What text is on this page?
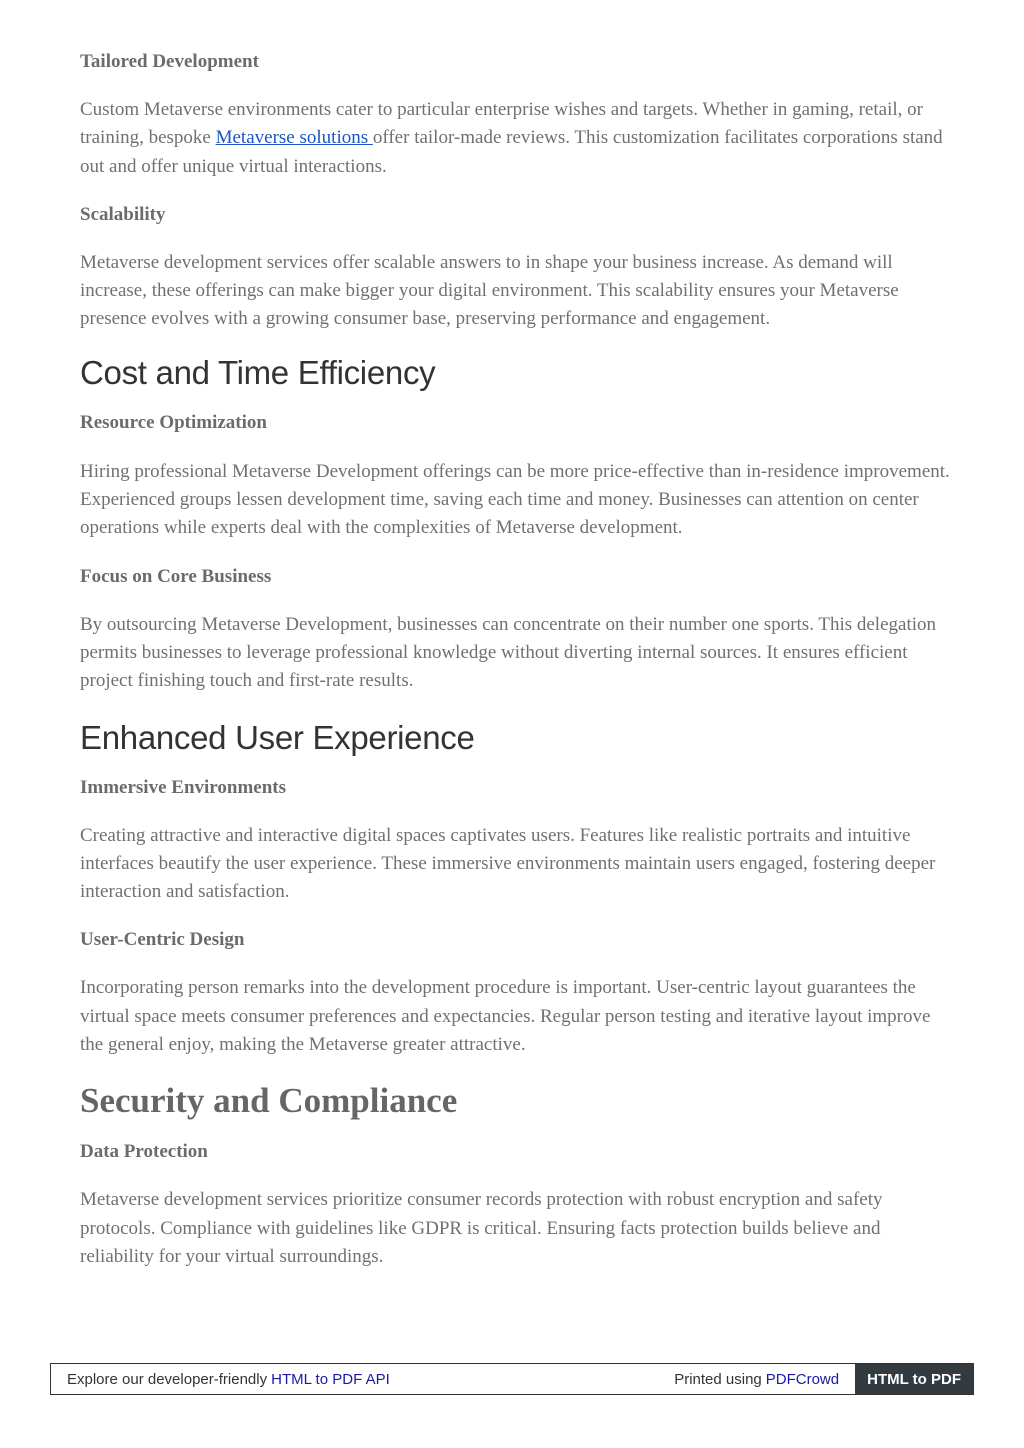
Tailored Development

Custom Metaverse environments cater to particular enterprise wishes and targets. Whether in gaming, retail, or training, bespoke Metaverse solutions offer tailor-made reviews. This customization facilitates corporations stand out and offer unique virtual interactions.

Scalability

Metaverse development services offer scalable answers to in shape your business increase. As demand will increase, these offerings can make bigger your digital environment. This scalability ensures your Metaverse presence evolves with a growing consumer base, preserving performance and engagement.

Cost and Time Efficiency
Resource Optimization

Hiring professional Metaverse Development offerings can be more price-effective than in-residence improvement. Experienced groups lessen development time, saving each time and money. Businesses can attention on center operations while experts deal with the complexities of Metaverse development.

Focus on Core Business

By outsourcing Metaverse Development, businesses can concentrate on their number one sports. This delegation permits businesses to leverage professional knowledge without diverting internal sources. It ensures efficient project finishing touch and first-rate results.

Enhanced User Experience
Immersive Environments

Creating attractive and interactive digital spaces captivates users. Features like realistic portraits and intuitive interfaces beautify the user experience. These immersive environments maintain users engaged, fostering deeper interaction and satisfaction.

User-Centric Design

Incorporating person remarks into the development procedure is important. User-centric layout guarantees the virtual space meets consumer preferences and expectancies. Regular person testing and iterative layout improve the general enjoy, making the Metaverse greater attractive.

Security and Compliance
Data Protection

Metaverse development services prioritize consumer records protection with robust encryption and safety protocols. Compliance with guidelines like GDPR is critical. Ensuring facts protection builds believe and reliability for your virtual surroundings.

Explore our developer-friendly HTML to PDF API	Printed using PDFCrowd	HTML to PDF
